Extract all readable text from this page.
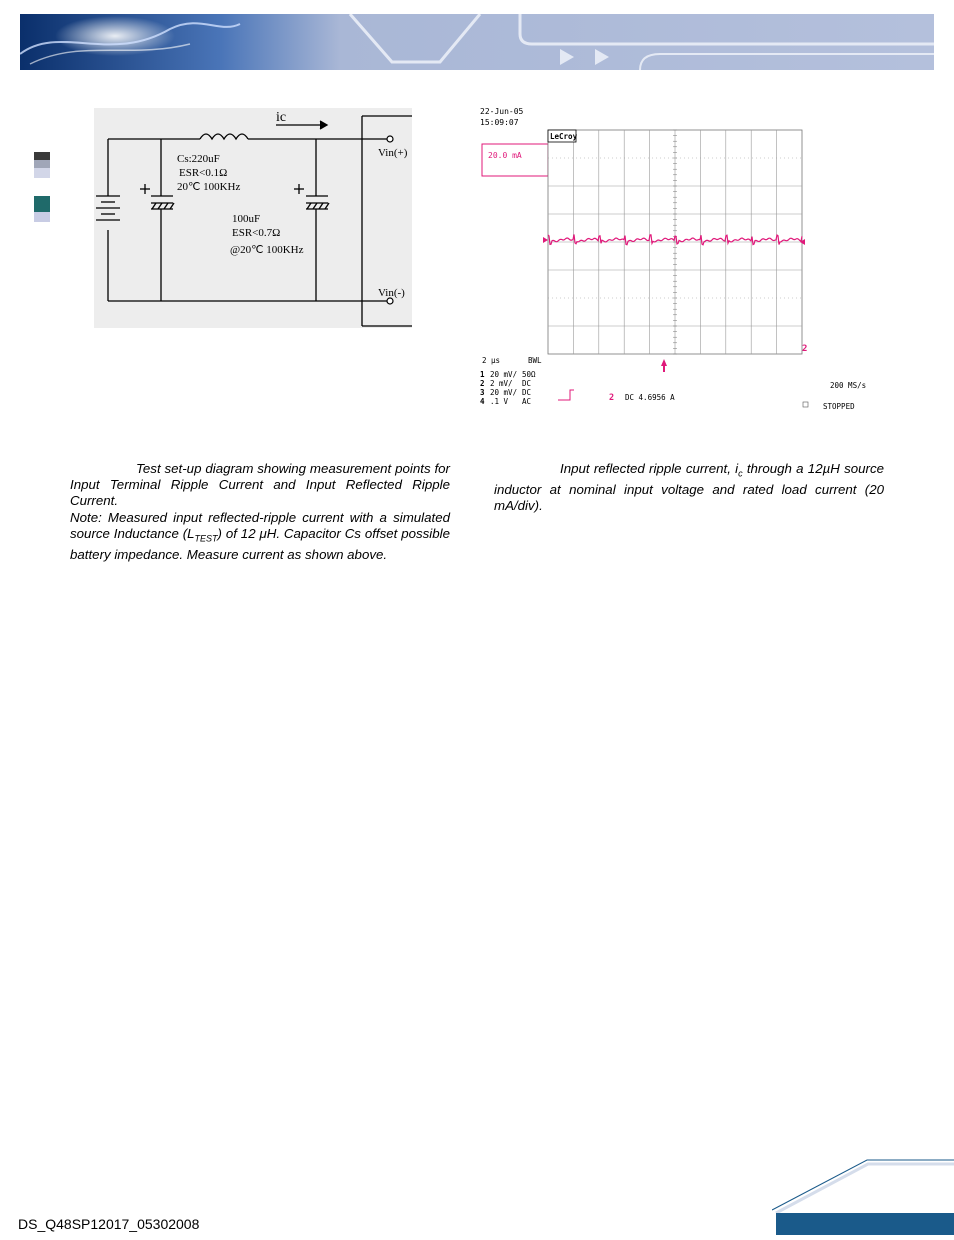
ic
Cs:220uF
ESR<0.1Ω
20℃ 100KHz
100uF
ESR<0.7Ω
@20℃ 100KHz
Vin(+)
Vin(-)
22-Jun-05
15:09:07
20.0 mA
LeCroy
2
2 µs	BWL
1 20 mV/ 50Ω
2 2 mV/ DC
3 20 mV/ DC
4 .1 V AC	2 DC 4.6956 A
200 MS/s
STOPPED

Test set-up diagram showing measurement points for Input Terminal Ripple Current and Input Reflected Ripple Current.

Note: Measured input reflected-ripple current with a simulated source Inductance $(L_{TEST})$ of 12 μH. Capacitor Cs offset possible battery impedance. Measure current as shown above.

Input reflected ripple current, $i_c$ through a 12µH source inductor at nominal input voltage and rated load current (20 mA/div).

DS_Q48SP12017_05302008
